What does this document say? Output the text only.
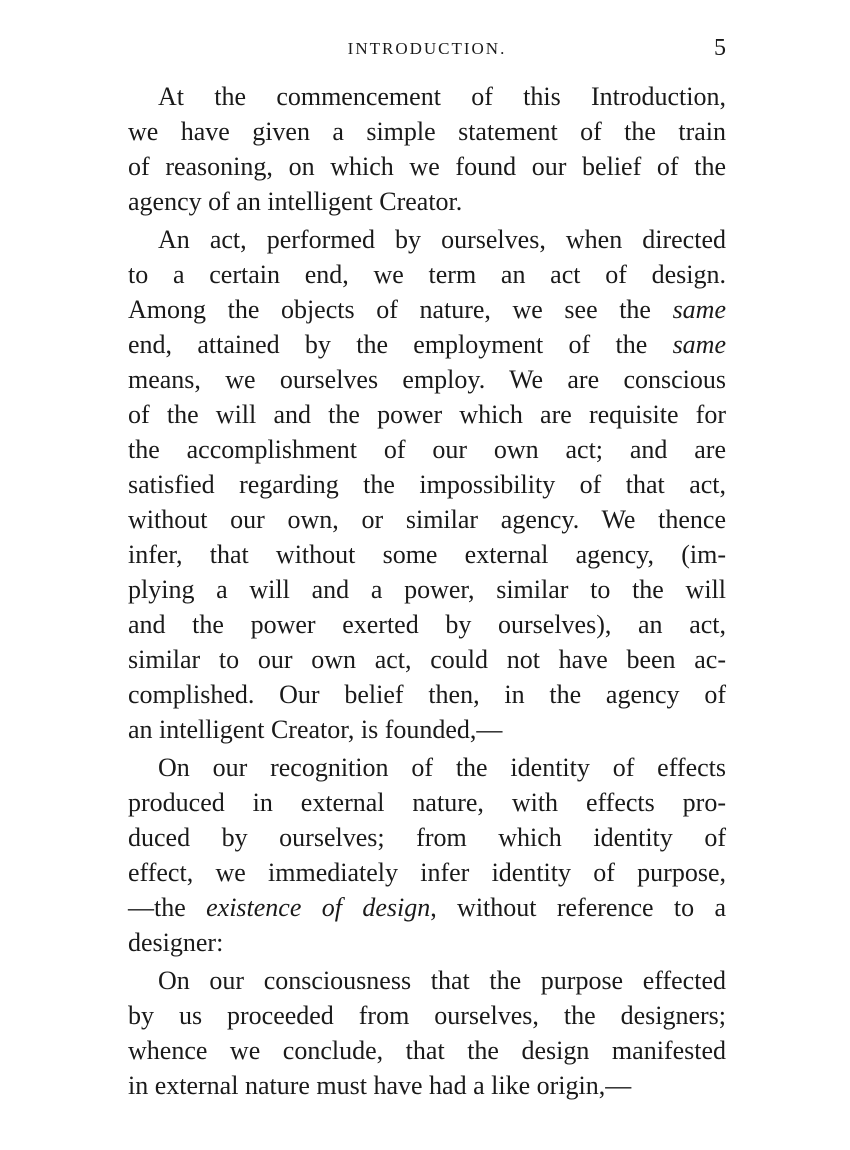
INTRODUCTION.	5
At the commencement of this Introduction,
we have given a simple statement of the train
of reasoning, on which we found our belief of the
agency of an intelligent Creator.
An act, performed by ourselves, when directed
to a certain end, we term an act of design.
Among the objects of nature, we see the same
end, attained by the employment of the same
means, we ourselves employ. We are conscious
of the will and the power which are requisite for
the accomplishment of our own act; and are
satisfied regarding the impossibility of that act,
without our own, or similar agency. We thence
infer, that without some external agency, (im-
plying a will and a power, similar to the will
and the power exerted by ourselves), an act,
similar to our own act, could not have been ac-
complished. Our belief then, in the agency of
an intelligent Creator, is founded,—
On our recognition of the identity of effects
produced in external nature, with effects pro-
duced by ourselves; from which identity of
effect, we immediately infer identity of purpose,
—the existence of design, without reference to a
designer:
On our consciousness that the purpose effected
by us proceeded from ourselves, the designers;
whence we conclude, that the design manifested
in external nature must have had a like origin,—
